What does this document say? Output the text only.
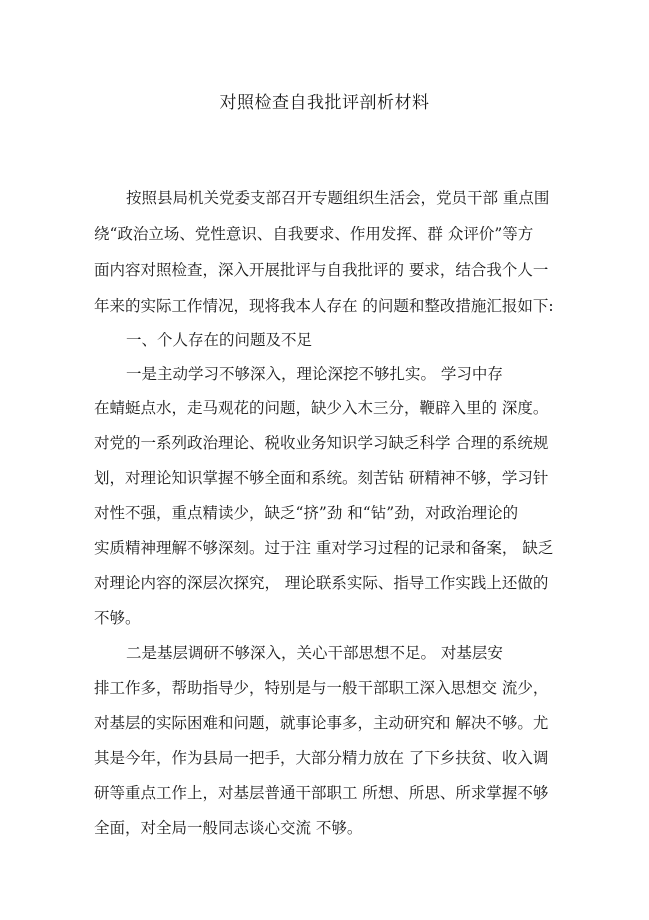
对照检查自我批评剖析材料
按照县局机关党委支部召开专题组织生活会，党员干部 重点围
绕“政治立场、党性意识、自我要求、作用发挥、群 众评价”等方
面内容对照检查，深入开展批评与自我批评的 要求，结合我个人一
年来的实际工作情况，现将我本人存在 的问题和整改措施汇报如下:
一、个人存在的问题及不足
一是主动学习不够深入，理论深挖不够扎实。 学习中存
在蜻蜓点水，走马观花的问题，缺少入木三分，鞭辟入里的 深度。
对党的一系列政治理论、税收业务知识学习缺乏科学 合理的系统规
划，对理论知识掌握不够全面和系统。刻苦钻 研精神不够，学习针
对性不强，重点精读少，缺乏“挤”劲 和“钻”劲，对政治理论的
实质精神理解不够深刻。过于注 重对学习过程的记录和备案， 缺乏
对理论内容的深层次探究， 理论联系实际、指导工作实践上还做的
不够。
二是基层调研不够深入，关心干部思想不足。 对基层安
排工作多，帮助指导少，特别是与一般干部职工深入思想交 流少，
对基层的实际困难和问题，就事论事多，主动研究和 解决不够。尤
其是今年，作为县局一把手，大部分精力放在 了下乡扶贫、收入调
研等重点工作上，对基层普通干部职工 所想、所思、所求掌握不够
全面，对全局一般同志谈心交流 不够。
